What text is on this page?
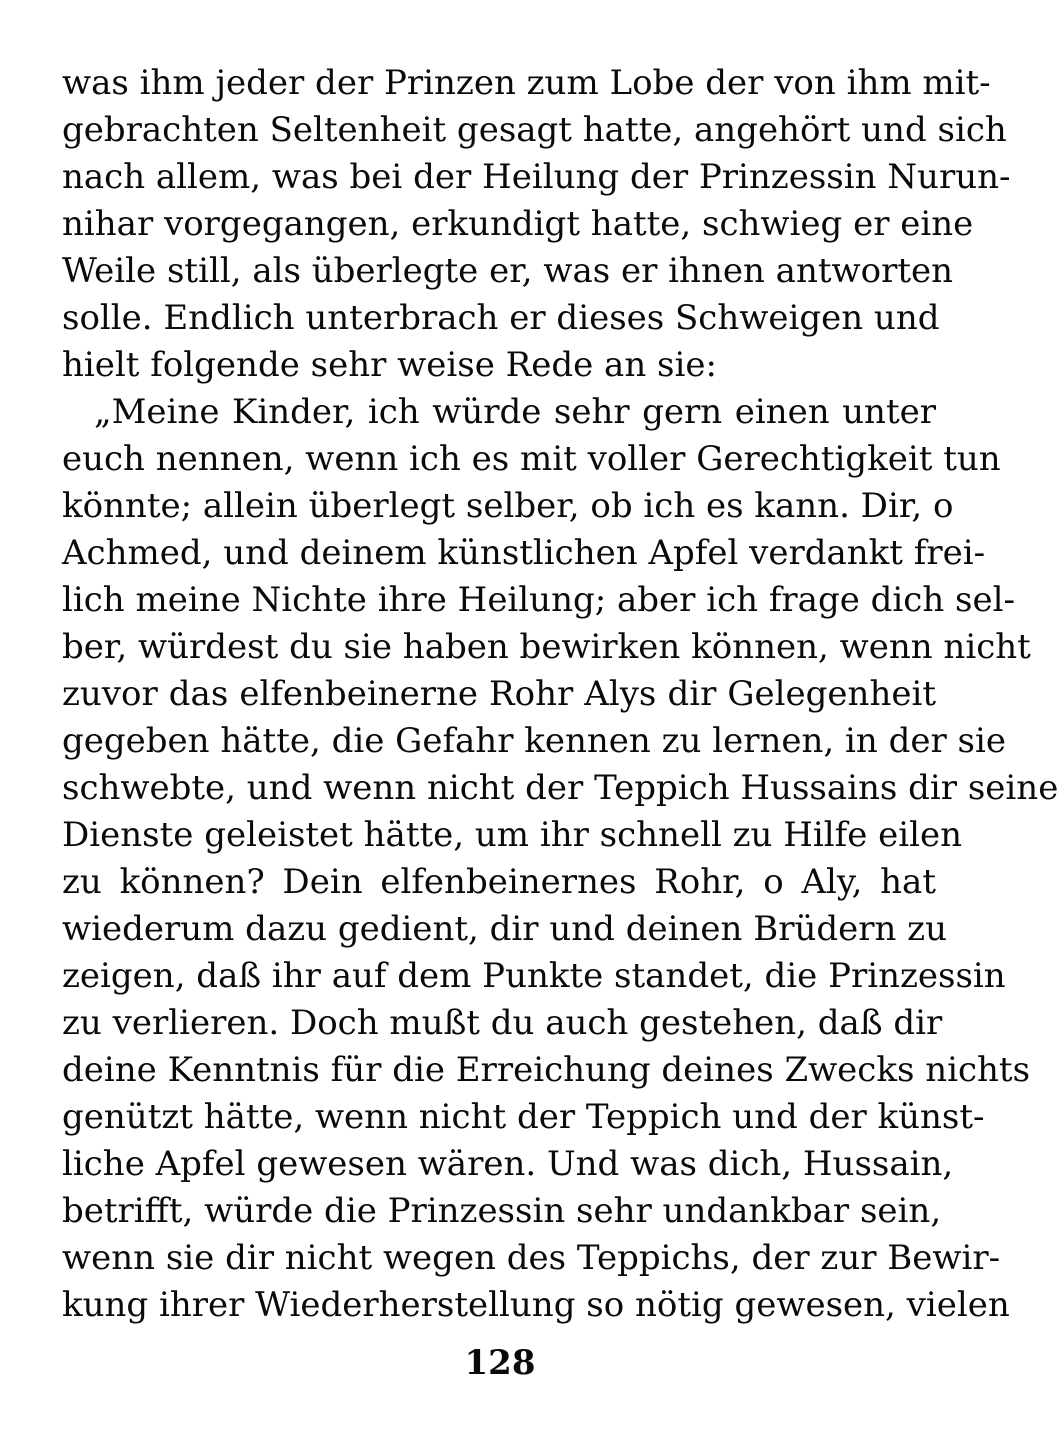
was ihm jeder der Prinzen zum Lobe der von ihm mit-
gebrachten Seltenheit gesagt hatte, angehört und sich
nach allem, was bei der Heilung der Prinzessin Nurun-
nihar vorgegangen, erkundigt hatte, schwieg er eine
Weile still, als überlegte er, was er ihnen antworten
solle. Endlich unterbrach er dieses Schweigen und
hielt folgende sehr weise Rede an sie:
„Meine Kinder, ich würde sehr gern einen unter
euch nennen, wenn ich es mit voller Gerechtigkeit tun
könnte; allein überlegt selber, ob ich es kann. Dir, o
Achmed, und deinem künstlichen Apfel verdankt frei-
lich meine Nichte ihre Heilung; aber ich frage dich sel-
ber, würdest du sie haben bewirken können, wenn nicht
zuvor das elfenbeinerne Rohr Alys dir Gelegenheit
gegeben hätte, die Gefahr kennen zu lernen, in der sie
schwebte, und wenn nicht der Teppich Hussains dir seine
Dienste geleistet hätte, um ihr schnell zu Hilfe eilen
zu können? Dein elfenbeinernes Rohr, o Aly, hat
wiederum dazu gedient, dir und deinen Brüdern zu
zeigen, daß ihr auf dem Punkte standet, die Prinzessin
zu verlieren. Doch mußt du auch gestehen, daß dir
deine Kenntnis für die Erreichung deines Zwecks nichts
genützt hätte, wenn nicht der Teppich und der künst-
liche Apfel gewesen wären. Und was dich, Hussain,
betrifft, würde die Prinzessin sehr undankbar sein,
wenn sie dir nicht wegen des Teppichs, der zur Bewir-
kung ihrer Wiederherstellung so nötig gewesen, vielen
128
